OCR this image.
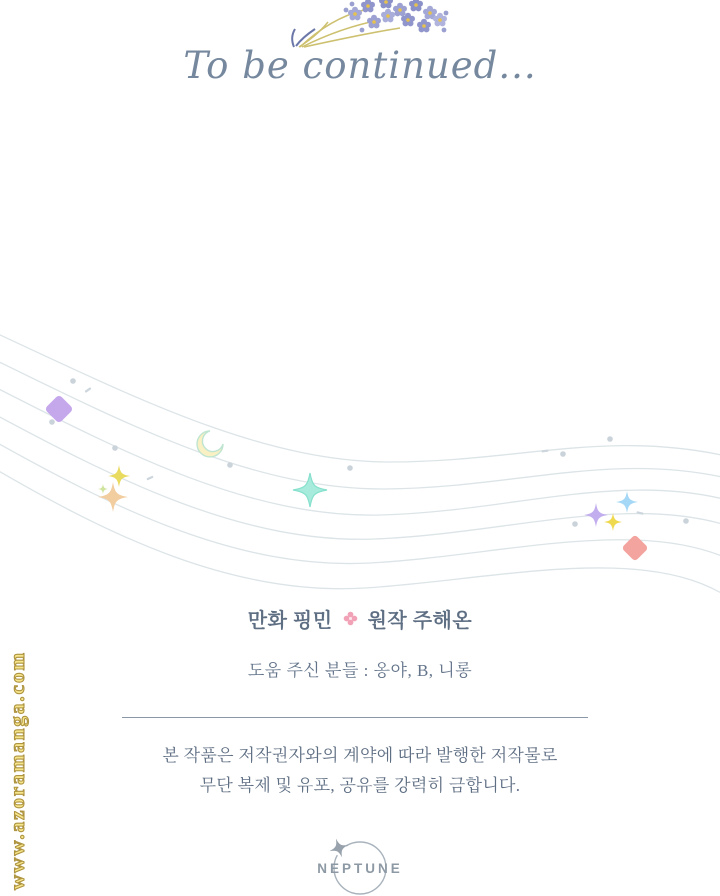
To be continued...
만화 핑민 원작 주해온
도움 주신 분들 : 옹야, B, 니롱
본 작품은 저작권자와의 계약에 따라 발행한 저작물로
무단 복제 및 유포, 공유를 강력히 금합니다.
NEPTUNE
www.azoramanga.com
